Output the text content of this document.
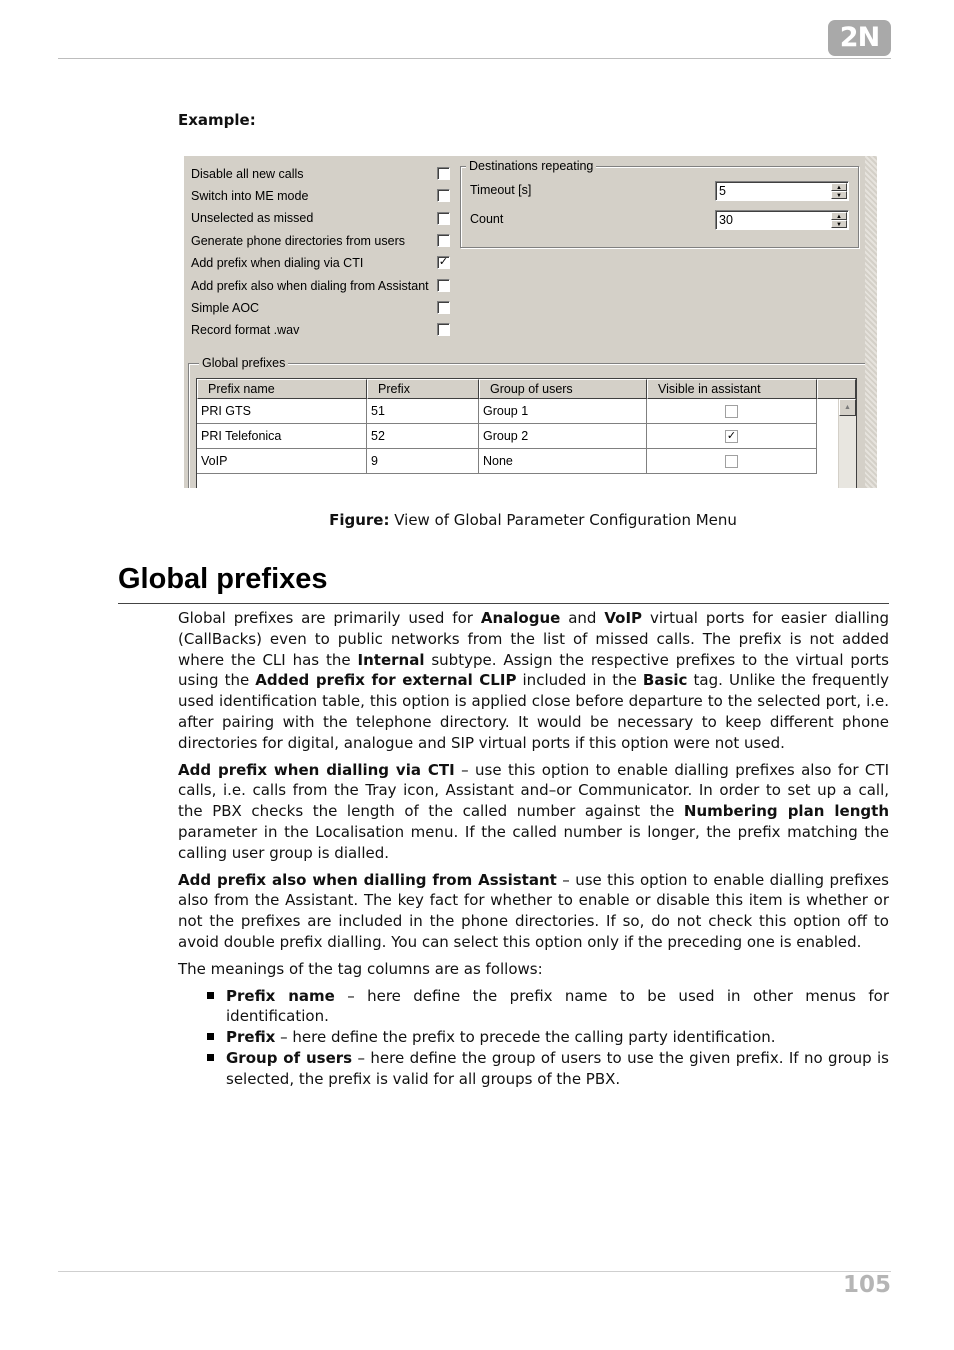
2N
Example:
Disable all new calls
Switch into ME mode
Unselected as missed
Generate phone directories from users
Add prefix when dialing via CTI	✓
Add prefix also when dialing from Assistant
Simple AOC
Record format .wav
Destinations repeating
Timeout [s]	5	▲
▼
Count	30	▲
▼
Global prefixes
Prefix name	Prefix	Group of users	Visible in assistant
PRI GTS	51	Group 1
PRI Telefonica	52	Group 2	✓
VoIP	9	None
▲
Figure: View of Global Parameter Configuration Menu
Global prefixes

Global prefixes are primarily used for Analogue and VoIP virtual ports for easier dialling (CallBacks) even to public networks from the list of missed calls. The prefix is not added where the CLI has the Internal subtype. Assign the respective prefixes to the virtual ports using the Added prefix for external CLIP included in the Basic tag. Unlike the frequently used identification table, this option is applied close before departure to the selected port, i.e. after pairing with the telephone directory. It would be necessary to keep different phone directories for digital, analogue and SIP virtual ports if this option were not used.

Add prefix when dialling via CTI – use this option to enable dialling prefixes also for CTI calls, i.e. calls from the Tray icon, Assistant and–or Communicator. In order to set up a call, the PBX checks the length of the called number against the Numbering plan length parameter in the Localisation menu. If the called number is longer, the prefix matching the calling user group is dialled.

Add prefix also when dialling from Assistant – use this option to enable dialling prefixes also from the Assistant. The key fact for whether to enable or disable this item is whether or not the prefixes are included in the phone directories. If so, do not check this option off to avoid double prefix dialling. You can select this option only if the preceding one is enabled.

The meanings of the tag columns are as follows:

Prefix name – here define the prefix name to be used in other menus for identification.
Prefix – here define the prefix to precede the calling party identification.
Group of users – here define the group of users to use the given prefix. If no group is selected, the prefix is valid for all groups of the PBX.
105
